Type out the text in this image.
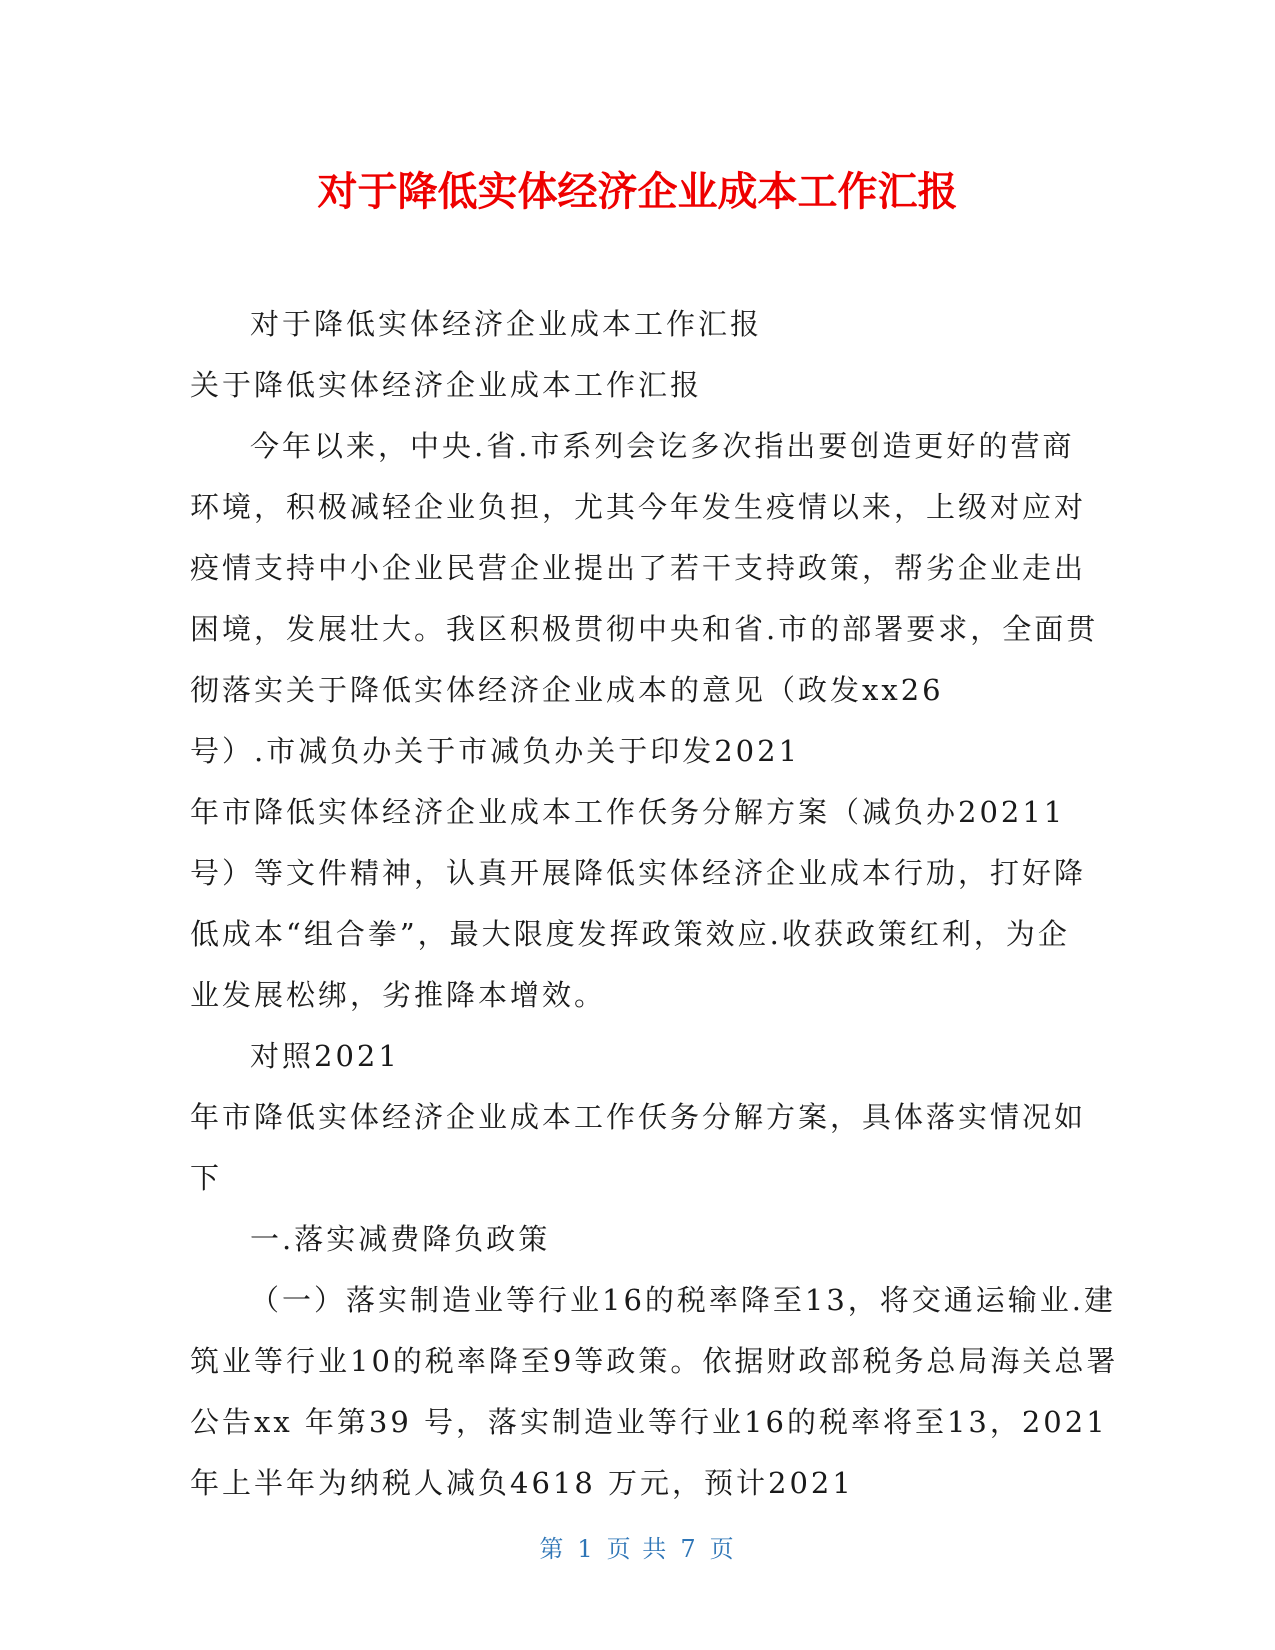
对于降低实体经济企业成本工作汇报

对于降低实体经济企业成本工作汇报

关于降低实体经济企业成本工作汇报

今年以来，中央.省.市系列会讫多次指出要创造更好的营商

环境，积极减轻企业负担，尤其今年发生疫情以来，上级对应对

疫情支持中小企业民营企业提出了若干支持政策，帮劣企业走出

困境，发展壮大。我区积极贯彻中央和省.市的部署要求，全面贯

彻落实关于降低实体经济企业成本的意见（政发xx26

号）.市减负办关于市减负办关于印发2021

年市降低实体经济企业成本工作仸务分解方案（减负办20211

号）等文件精神，认真开展降低实体经济企业成本行劢，打好降

低成本“组合拳”，最大限度发挥政策效应.收获政策红利，为企

业发展松绑，劣推降本增效。

对照2021

年市降低实体经济企业成本工作仸务分解方案，具体落实情况如

下

一.落实减费降负政策

（一）落实制造业等行业16的税率降至13，将交通运输业.建

筑业等行业10的税率降至9等政策。依据财政部税务总局海关总署

公告xx 年第39 号，落实制造业等行业16的税率将至13，2021

年上半年为纳税人减负4618 万元，预计2021

第 1 页 共 7 页
